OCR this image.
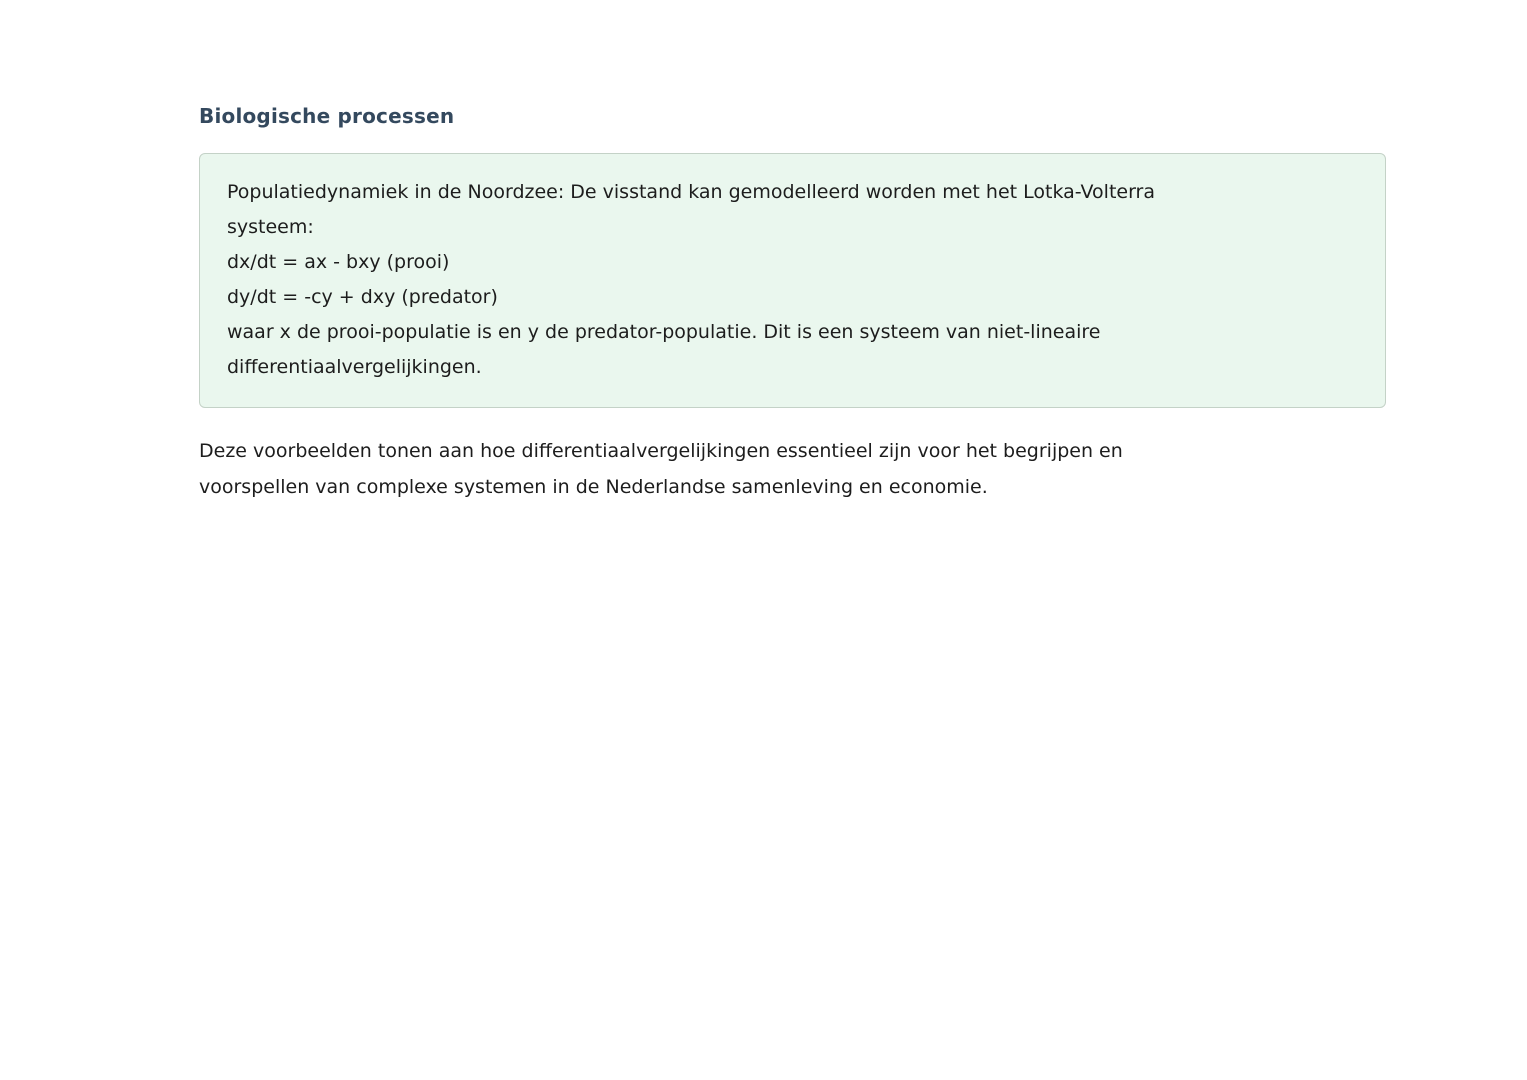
Biologische processen
Populatiedynamiek in de Noordzee: De visstand kan gemodelleerd worden met het Lotka-Volterra
systeem:
dx/dt = ax - bxy (prooi)
dy/dt = -cy + dxy (predator)
waar x de prooi-populatie is en y de predator-populatie. Dit is een systeem van niet-lineaire
differentiaalvergelijkingen.
Deze voorbeelden tonen aan hoe differentiaalvergelijkingen essentieel zijn voor het begrijpen en
voorspellen van complexe systemen in de Nederlandse samenleving en economie.
